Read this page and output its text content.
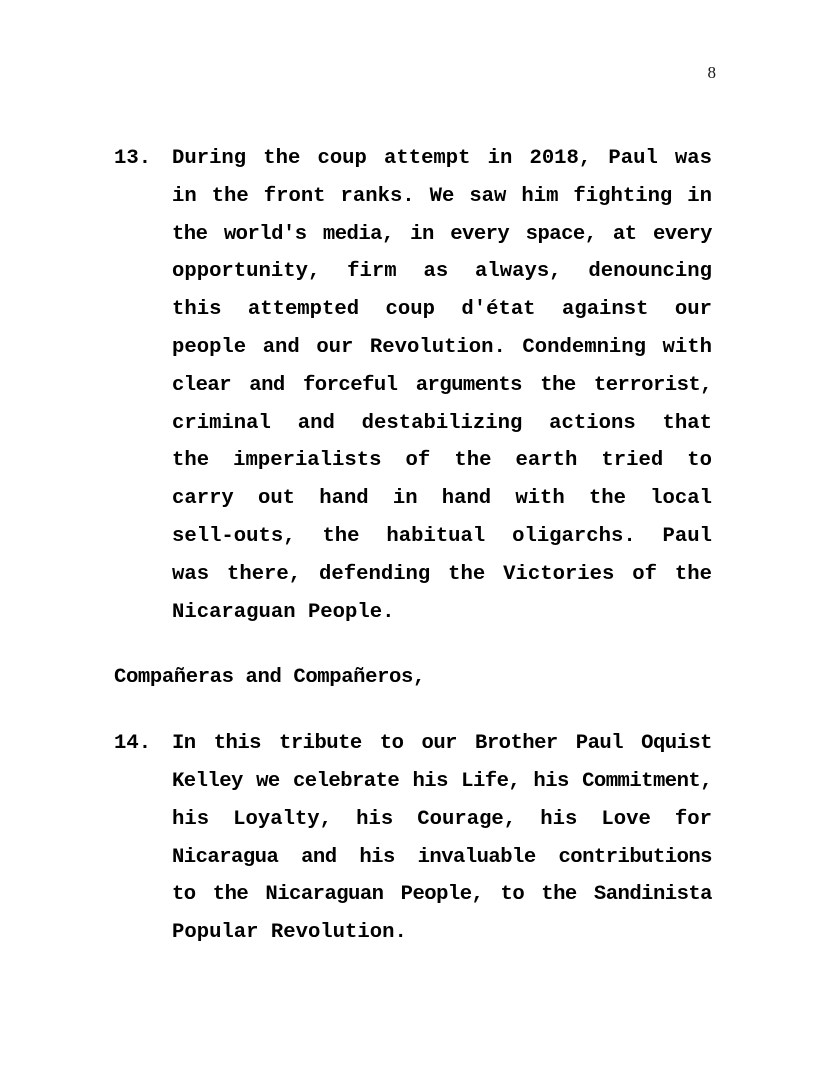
8
13.	During the coup attempt in 2018, Paul was
in the front ranks. We saw him fighting in
the world's media, in every space, at every
opportunity, firm as always, denouncing
this attempted coup d'état against our
people and our Revolution. Condemning with
clear and forceful arguments the terrorist,
criminal and destabilizing actions that
the imperialists of the earth tried to
carry out hand in hand with the local
sell-outs, the habitual oligarchs. Paul
was there, defending the Victories of the
Nicaraguan People.
Compañeras and Compañeros,
14.	In this tribute to our Brother Paul Oquist
Kelley we celebrate his Life, his Commitment,
his Loyalty, his Courage, his Love for
Nicaragua and his invaluable contributions
to the Nicaraguan People, to the Sandinista
Popular Revolution.
